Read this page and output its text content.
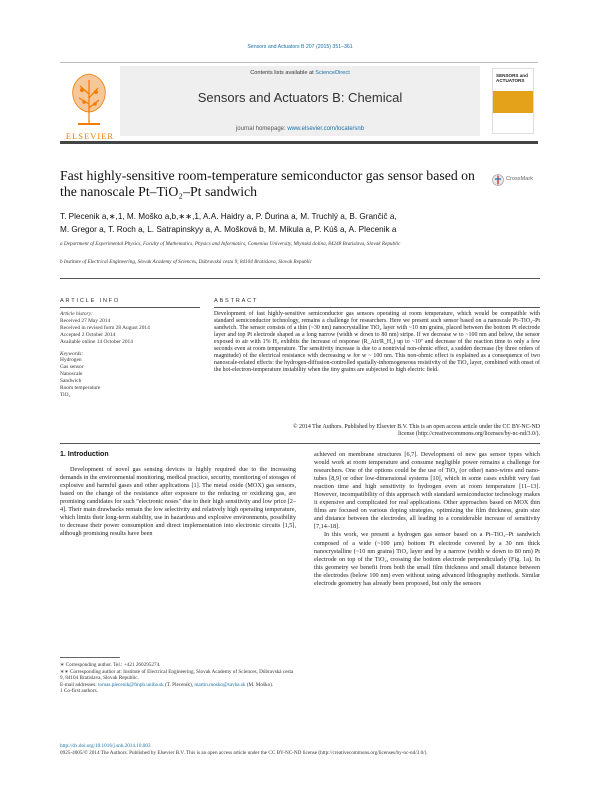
Sensors and Actuators B 207 (2015) 351–361
Contents lists available at ScienceDirect
Sensors and Actuators B: Chemical
journal homepage: www.elsevier.com/locate/snb
ELSEVIER
SENSORS and ACTUATORS
Fast highly-sensitive room-temperature semiconductor gas sensor based on the nanoscale Pt–TiO₂–Pt sandwich
CrossMark
T. Plecenik a,∗,1, M. Moško a,b,∗∗,1, A.A. Haidry a, P. Ďurina a, M. Truchlý a, B. Grančič a,
M. Gregor a, T. Roch a, L. Satrapinskyy a, A. Mošková b, M. Mikula a, P. Kúš a, A. Plecenik a
a Department of Experimental Physics, Faculty of Mathematics, Physics and Informatics, Comenius University, Mlynská dolina, 84248 Bratislava, Slovak Republic
b Institute of Electrical Engineering, Slovak Academy of Sciences, Dúbravská cesta 9, 84104 Bratislava, Slovak Republic
ARTICLE INFO	ABSTRACT
Article history:
Received 27 May 2014
Received in revised form 28 August 2014
Accepted 2 October 2014
Available online 14 October 2014
Keywords:
Hydrogen
Gas sensor
Nanoscale
Sandwich
Room temperature
TiO₂
Development of fast highly-sensitive semiconductor gas sensors operating at room temperature, which would be compatible with standard semiconductor technology, remains a challenge for researchers. Here we present such sensor based on a nanoscale Pt–TiO₂–Pt sandwich. The sensor consists of a thin (~30 nm) nanocrystalline TiO₂ layer with ~10 nm grains, placed between the bottom Pt electrode layer and top Pt electrode shaped as a long narrow (width w down to 80 nm) stripe. If we decrease w to ~100 nm and below, the sensor exposed to air with 1% H₂ exhibits the increase of response (R_Air/R_H₂) up to ~10⁷ and decrease of the reaction time to only a few seconds even at room temperature. The sensitivity increase is due to a nontrivial non-ohmic effect, a sudden decrease (by three orders of magnitude) of the electrical resistance with decreasing w for w ~ 100 nm. This non-ohmic effect is explained as a consequence of two nanoscale-related effects: the hydrogen-diffusion-controlled spatially-inhomogeneous resistivity of the TiO₂ layer, combined with onset of the hot-electron-temperature instability when the tiny grains are subjected to high electric field.
© 2014 The Authors. Published by Elsevier B.V. This is an open access article under the CC BY-NC-ND
license (http://creativecommons.org/licenses/by-nc-nd/3.0/).
1. Introduction

Development of novel gas sensing devices is highly required due to the increasing demands in the environmental monitoring, medical practice, security, monitoring of storages of explosive and harmful gases and other applications [1]. The metal oxide (MOX) gas sensors, based on the change of the resistance after exposure to the reducing or oxidizing gas, are promising candidates for such "electronic noses" due to their high sensitivity and low price [2–4]. Their main drawbacks remain the low selectivity and relatively high operating temperature, which limits their long-term stability, use in hazardous and explosive environments, possibility to decrease their power consumption and direct implementation into electronic circuits [1,5], although promising results have been

achieved on membrane structures [6,7]. Development of new gas sensor types which would work at room temperature and consume negligible power remains a challenge for researchers. One of the options could be the use of TiO₂ (or other) nano-wires and nano-tubes [8,9] or other low-dimensional systems [10], which in some cases exhibit very fast reaction time and high sensitivity to hydrogen even at room temperature [11–13]. However, incompatibility of this approach with standard semiconductor technology makes it expensive and complicated for real applications. Other approaches based on MOX thin films are focused on various doping strategies, optimizing the film thickness, grain size and distance between the electrodes, all leading to a considerable increase of sensitivity [7,14–18].

In this work, we present a hydrogen gas sensor based on a Pt–TiO₂–Pt sandwich composed of a wide (~100 μm) bottom Pt electrode covered by a 30 nm thick nanocrystalline (~10 nm grains) TiO₂ layer and by a narrow (width w down to 80 nm) Pt electrode on top of the TiO₂, crossing the bottom electrode perpendicularly (Fig. 1a). In this geometry we benefit from both the small film thickness and small distance between the electrodes (below 100 nm) even without using advanced lithography methods. Similar electrode geometry has already been proposed, but only the sensors

∗ Corresponding author. Tel.: +421 260295274.
∗∗ Corresponding author at: Institute of Electrical Engineering, Slovak Academy of Sciences, Dúbravská cesta 9, 84104 Bratislava, Slovak Republic.
E-mail addresses: tomas.plecenik@fmph.uniba.sk (T. Plecenik), martin.mosko@savba.sk (M. Moško).
1 Co-first authors.
http://dx.doi.org/10.1016/j.snb.2014.10.003
0925-4005/© 2014 The Authors. Published by Elsevier B.V. This is an open access article under the CC BY-NC-ND license (http://creativecommons.org/licenses/by-nc-nd/3.0/).
